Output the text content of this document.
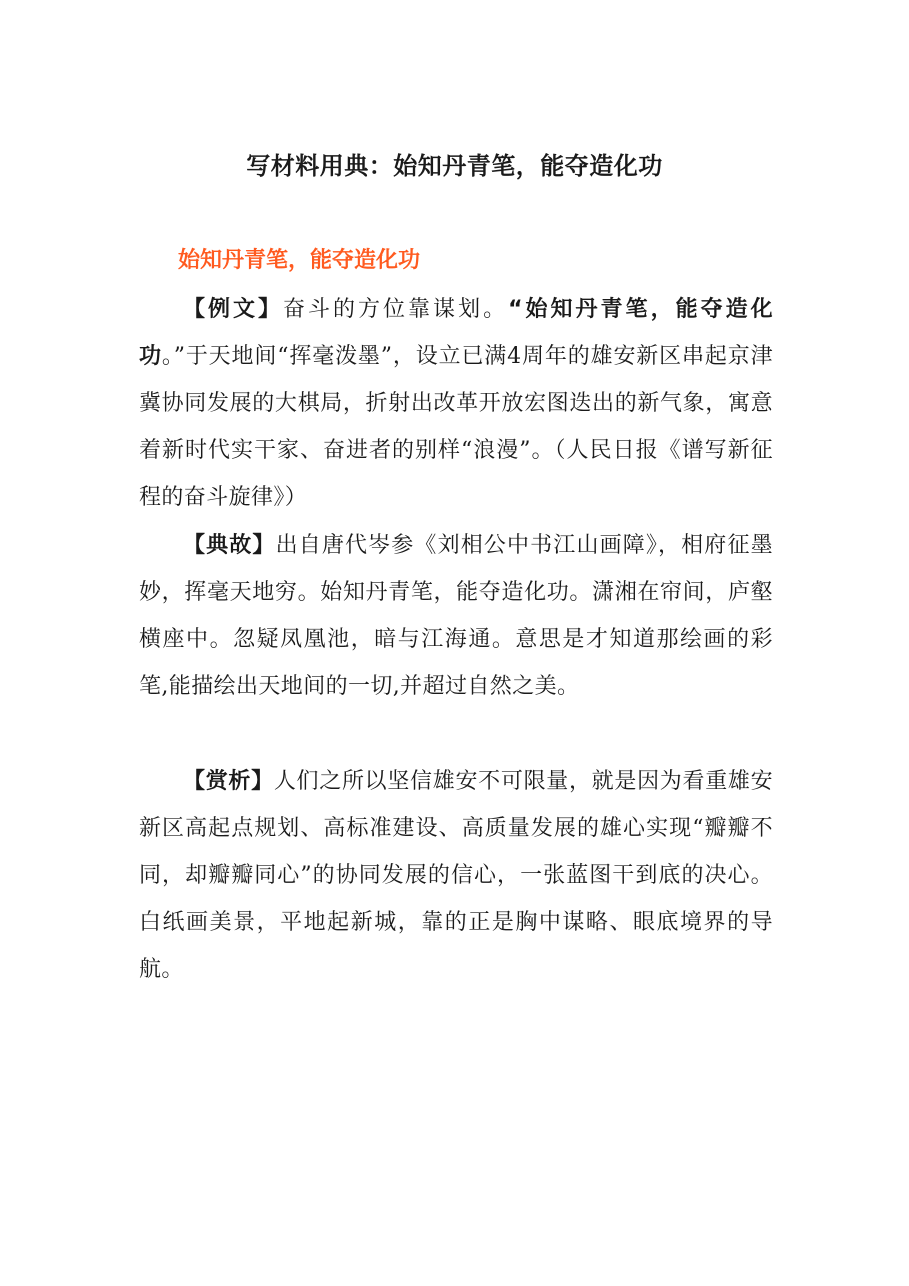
写材料用典：始知丹青笔，能夺造化功
始知丹青笔，能夺造化功

【例文】奋斗的方位靠谋划。“始知丹青笔，能夺造化功。”于天地间“挥毫泼墨”，设立已满4周年的雄安新区串起京津冀协同发展的大棋局，折射出改革开放宏图迭出的新气象，寓意着新时代实干家、奋进者的别样“浪漫”。（人民日报《谱写新征程的奋斗旋律》）

【典故】出自唐代岑参《刘相公中书江山画障》，相府征墨妙，挥毫天地穷。始知丹青笔，能夺造化功。潇湘在帘间，庐壑横座中。忽疑凤凰池，暗与江海通。意思是才知道那绘画的彩笔,能描绘出天地间的一切,并超过自然之美。

【赏析】人们之所以坚信雄安不可限量，就是因为看重雄安新区高起点规划、高标准建设、高质量发展的雄心实现“瓣瓣不同，却瓣瓣同心”的协同发展的信心，一张蓝图干到底的决心。白纸画美景，平地起新城，靠的正是胸中谋略、眼底境界的导航。
